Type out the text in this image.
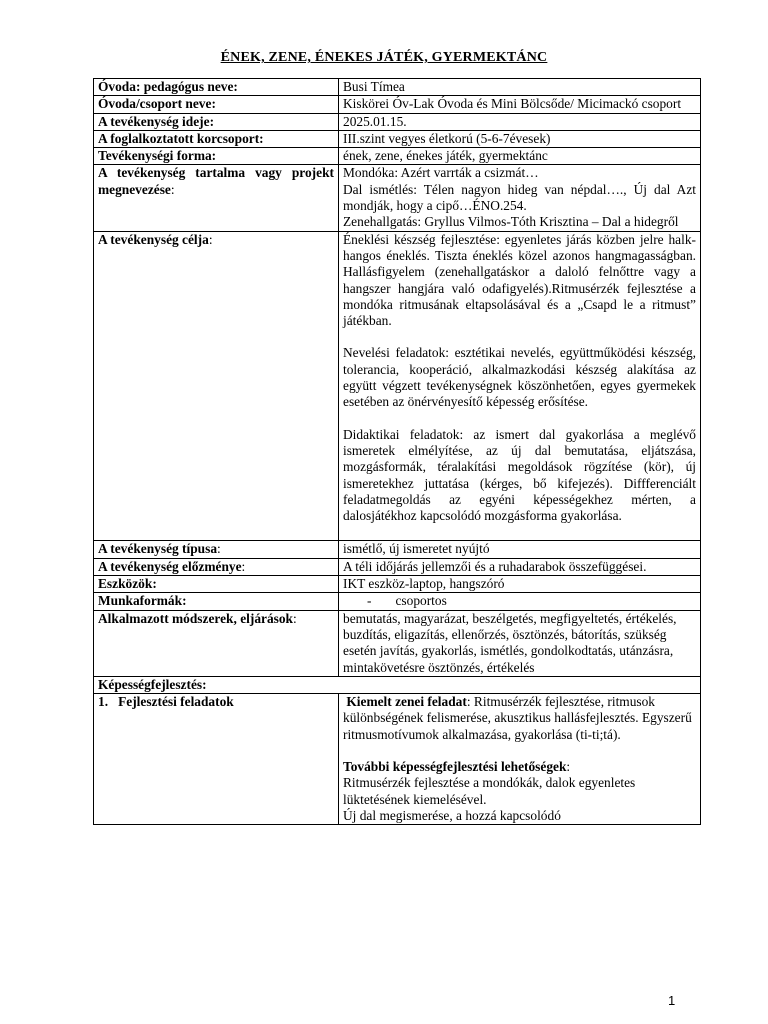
ÉNEK, ZENE, ÉNEKES JÁTÉK, GYERMEKTÁNC
Óvoda: pedagógus neve:	Busi Tímea
Óvoda/csoport neve:	Kiskörei Óv-Lak Óvoda és Mini Bölcsőde/ Micimackó csoport
A tevékenység ideje:	2025.01.15.
A foglalkoztatott korcsoport:	III.szint vegyes életkorú (5-6-7évesek)
Tevékenységi forma:	ének, zene, énekes játék, gyermektánc
A tevékenység tartalma vagy projekt megnevezése:	Mondóka: Azért varrták a csizmát…
Dal ismétlés: Télen nagyon hideg van népdal…., Új dal Azt mondják, hogy a cipő…ÉNO.254.
Zenehallgatás: Gryllus Vilmos-Tóth Krisztina – Dal a hidegről

A tevékenység célja:	Éneklési készség fejlesztése: egyenletes járás közben jelre halk-hangos éneklés. Tiszta éneklés közel azonos hangmagasságban. Hallásfigyelem (zenehallgatáskor a daloló felnőttre vagy a hangszer hangjára való odafigyelés).Ritmusérzék fejlesztése a mondóka ritmusának eltapsolásával és a „Csapd le a ritmust” játékban.
Nevelési feladatok: esztétikai nevelés, együttműködési készség, tolerancia, kooperáció, alkalmazkodási készség alakítása az együtt végzett tevékenységnek köszönhetően, egyes gyermekek esetében az önérvényesítő képesség erősítése.
Didaktikai feladatok: az ismert dal gyakorlása a meglévő ismeretek elmélyítése, az új dal bemutatása, eljátszása, mozgásformák, téralakítási megoldások rögzítése (kör), új ismeretekhez juttatása (kérges, bő kifejezés). Diffferenciált feladatmegoldás az egyéni képességekhez mérten, a dalosjátékhoz kapcsolódó mozgásforma gyakorlása.

A tevékenység típusa:	ismétlő, új ismeretet nyújtó
A tevékenység előzménye:	A téli időjárás jellemzői és a ruhadarabok összefüggései.
Eszközök:	IKT eszköz-laptop, hangszóró
Munkaformák:	- csoportos
Alkalmazott módszerek, eljárások:	bemutatás, magyarázat, beszélgetés, megfigyeltetés, értékelés, buzdítás, eligazítás, ellenőrzés, ösztönzés, bátorítás, szükség esetén javítás, gyakorlás, ismétlés, gondolkodtatás, utánzásra, mintakövetésre ösztönzés, értékelés
Képességfejlesztés:	
1.   Fejlesztési feladatok	Kiemelt zenei feladat: Ritmusérzék fejlesztése, ritmusok különbségének felismerése, akusztikus hallásfejlesztés. Egyszerű ritmusmotívumok alkalmazása, gyakorlása (ti-ti;tá).
További képességfejlesztési lehetőségek:
Ritmusérzék fejlesztése a mondókák, dalok egyenletes lüktetésének kiemelésével.
Új dal megismerése, a hozzá kapcsolódó
1
